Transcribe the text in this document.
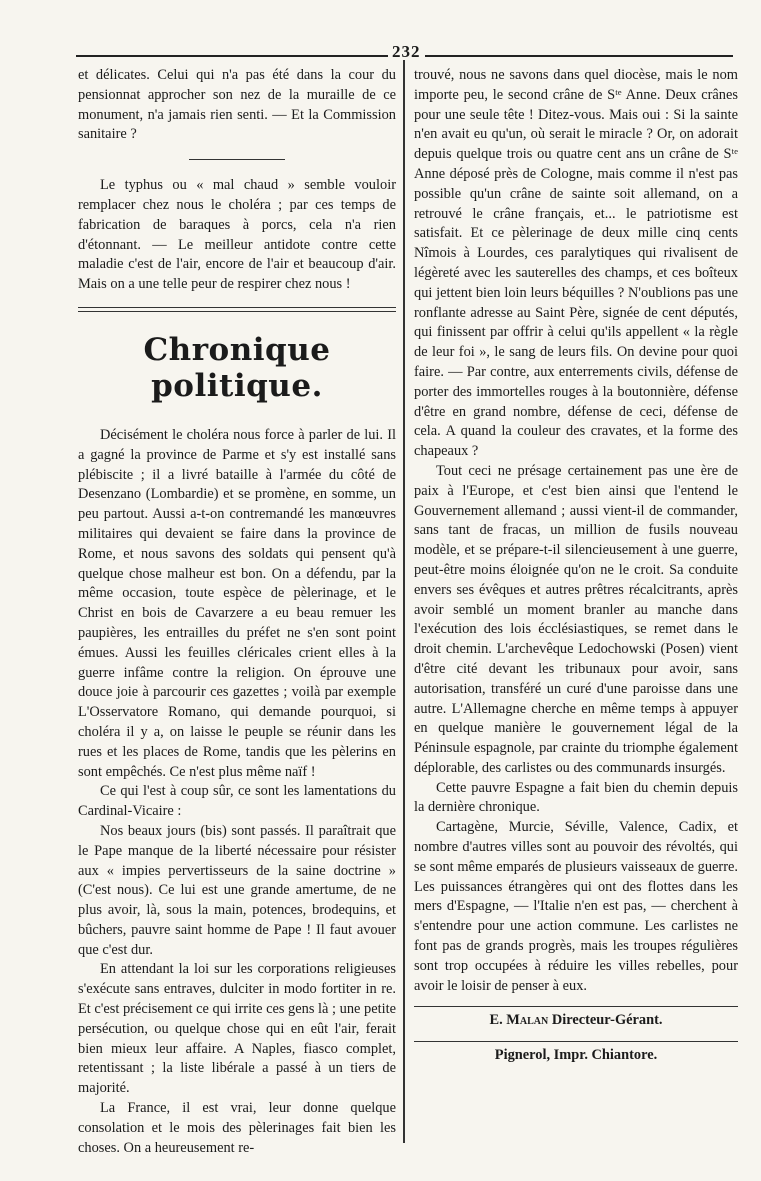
232

et délicates. Celui qui n'a pas été dans la cour du pensionnat approcher son nez de la muraille de ce monument, n'a jamais rien senti. — Et la Commission sanitaire ?

Le typhus ou « mal chaud » semble vouloir remplacer chez nous le choléra ; par ces temps de fabrication de baraques à porcs, cela n'a rien d'étonnant. — Le meilleur antidote contre cette maladie c'est de l'air, encore de l'air et beaucoup d'air. Mais on a une telle peur de respirer chez nous !

Chronique politique.

Décisément le choléra nous force à parler de lui. Il a gagné la province de Parme et s'y est installé sans plébiscite ; il a livré bataille à l'armée du côté de Desenzano (Lombardie) et se promène, en somme, un peu partout. Aussi a-t-on contremandé les manœuvres militaires qui devaient se faire dans la province de Rome, et nous savons des soldats qui pensent qu'à quelque chose malheur est bon. On a défendu, par la même occasion, toute espèce de pèlerinage, et le Christ en bois de Cavarzere a eu beau remuer les paupières, les entrailles du préfet ne s'en sont point émues. Aussi les feuilles cléricales crient elles à la guerre infâme contre la religion. On éprouve une douce joie à parcourir ces gazettes ; voilà par exemple L'Osservatore Romano, qui demande pourquoi, si choléra il y a, on laisse le peuple se réunir dans les rues et les places de Rome, tandis que les pèlerins en sont empêchés. Ce n'est plus même naïf !

Ce qui l'est à coup sûr, ce sont les lamentations du Cardinal-Vicaire :

Nos beaux jours (bis) sont passés. Il paraîtrait que le Pape manque de la liberté nécessaire pour résister aux « impies pervertisseurs de la saine doctrine » (C'est nous). Ce lui est une grande amertume, de ne plus avoir, là, sous la main, potences, brodequins, et bûchers, pauvre saint homme de Pape ! Il faut avouer que c'est dur.

En attendant la loi sur les corporations religieuses s'exécute sans entraves, dulciter in modo fortiter in re. Et c'est précisement ce qui irrite ces gens là ; une petite persécution, ou quelque chose qui en eût l'air, ferait bien mieux leur affaire. A Naples, fiasco complet, retentissant ; la liste libérale a passé à un tiers de majorité.

La France, il est vrai, leur donne quelque consolation et le mois des pèlerinages fait bien les choses. On a heureusement re-

trouvé, nous ne savons dans quel diocèse, mais le nom importe peu, le second crâne de Sᵗᵉ Anne. Deux crânes pour une seule tête ! Ditez-vous. Mais oui : Si la sainte n'en avait eu qu'un, où serait le miracle ? Or, on adorait depuis quelque trois ou quatre cent ans un crâne de Sᵗᵉ Anne déposé près de Cologne, mais comme il n'est pas possible qu'un crâne de sainte soit allemand, on a retrouvé le crâne français, et... le patriotisme est satisfait. Et ce pèlerinage de deux mille cinq cents Nîmois à Lourdes, ces paralytiques qui rivalisent de légèreté avec les sauterelles des champs, et ces boîteux qui jettent bien loin leurs béquilles ? N'oublions pas une ronflante adresse au Saint Père, signée de cent députés, qui finissent par offrir à celui qu'ils appellent « la règle de leur foi », le sang de leurs fils. On devine pour quoi faire. — Par contre, aux enterrements civils, défense de porter des immortelles rouges à la boutonnière, défense d'être en grand nombre, défense de ceci, défense de cela. A quand la couleur des cravates, et la forme des chapeaux ?

Tout ceci ne présage certainement pas une ère de paix à l'Europe, et c'est bien ainsi que l'entend le Gouvernement allemand ; aussi vient-il de commander, sans tant de fracas, un million de fusils nouveau modèle, et se prépare-t-il silencieusement à une guerre, peut-être moins éloignée qu'on ne le croit. Sa conduite envers ses évêques et autres prêtres récalcitrants, après avoir semblé un moment branler au manche dans l'exécution des lois écclésiastiques, se remet dans le droit chemin. L'archevêque Ledochowski (Posen) vient d'être cité devant les tribunaux pour avoir, sans autorisation, transféré un curé d'une paroisse dans une autre. L'Allemagne cherche en même temps à appuyer en quelque manière le gouvernement légal de la Péninsule espagnole, par crainte du triomphe également déplorable, des carlistes ou des communards insurgés.

Cette pauvre Espagne a fait bien du chemin depuis la dernière chronique.

Cartagène, Murcie, Séville, Valence, Cadix, et nombre d'autres villes sont au pouvoir des révoltés, qui se sont même emparés de plusieurs vaisseaux de guerre. Les puissances étrangères qui ont des flottes dans les mers d'Espagne, — l'Italie n'en est pas, — cherchent à s'entendre pour une action commune. Les carlistes ne font pas de grands progrès, mais les troupes régulières sont trop occupées à réduire les villes rebelles, pour avoir le loisir de penser à eux.

E. Malan Directeur-Gérant.
Pignerol, Impr. Chiantore.
